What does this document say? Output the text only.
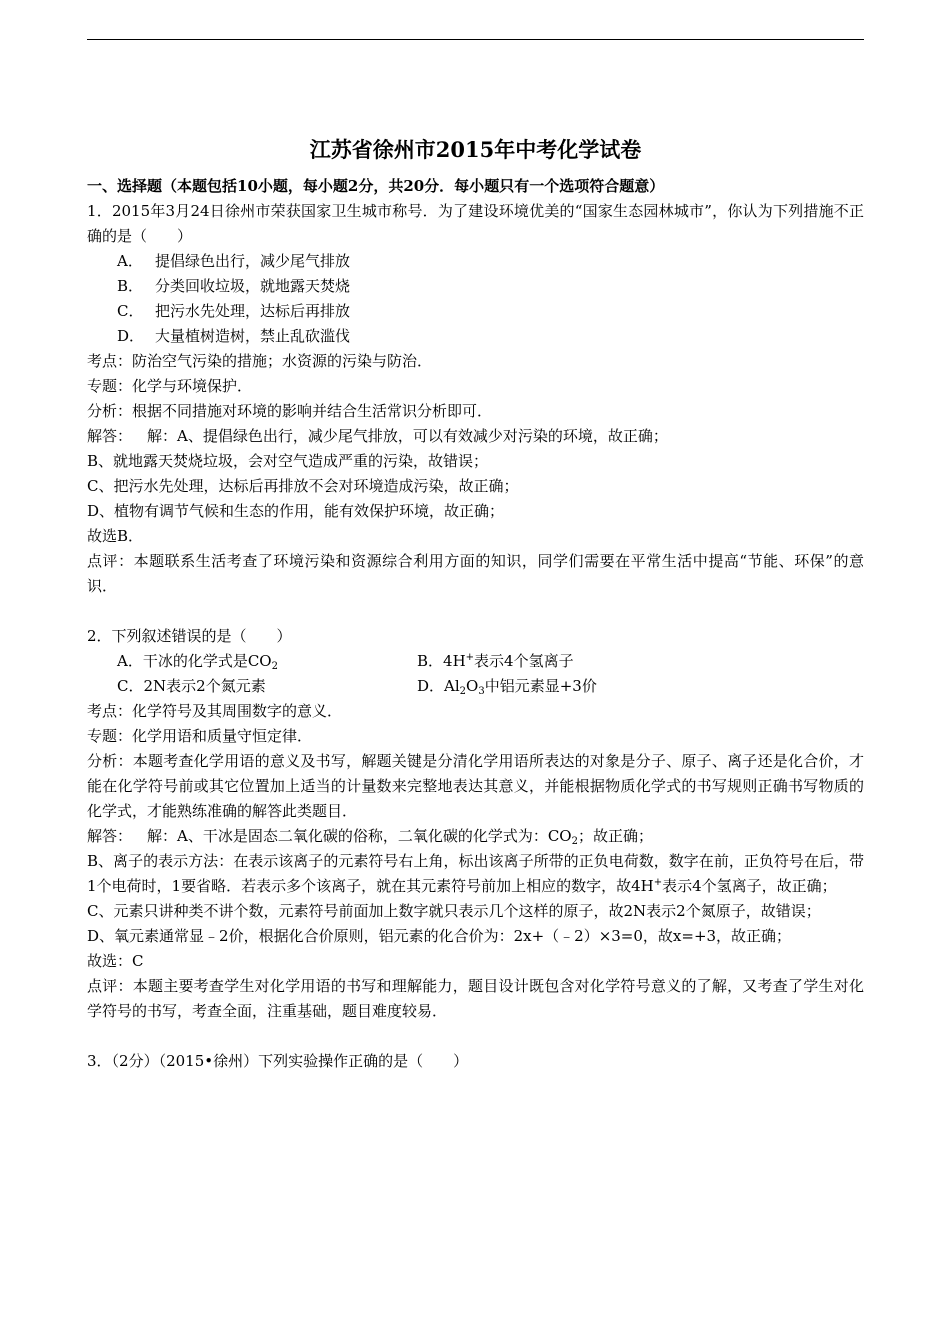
江苏省徐州市2015年中考化学试卷

一、选择题（本题包括10小题，每小题2分，共20分．每小题只有一个选项符合题意）

1．2015年3月24日徐州市荣获国家卫生城市称号．为了建设环境优美的“国家生态园林城市”，你认为下列措施不正确的是（　　）

A． 提倡绿色出行，减少尾气排放

B． 分类回收垃圾，就地露天焚烧

C． 把污水先处理，达标后再排放

D． 大量植树造树，禁止乱砍滥伐

考点：防治空气污染的措施；水资源的污染与防治．

专题：化学与环境保护．

分析：根据不同措施对环境的影响并结合生活常识分析即可．

解答： 解：A、提倡绿色出行，减少尾气排放，可以有效减少对污染的环境，故正确；

B、就地露天焚烧垃圾，会对空气造成严重的污染，故错误；

C、把污水先处理，达标后再排放不会对环境造成污染，故正确；

D、植物有调节气候和生态的作用，能有效保护环境，故正确；

故选B．

点评：本题联系生活考查了环境污染和资源综合利用方面的知识，同学们需要在平常生活中提高“节能、环保”的意识．

2．下列叙述错误的是（　　）

A．干冰的化学式是$CO_2$	B．4H+表示4个氢离子
C．2N表示2个氮元素	D．$Al_2O_3$中铝元素显+3价

考点：化学符号及其周围数字的意义．

专题：化学用语和质量守恒定律．

分析：本题考查化学用语的意义及书写，解题关键是分清化学用语所表达的对象是分子、原子、离子还是化合价，才能在化学符号前或其它位置加上适当的计量数来完整地表达其意义，并能根据物质化学式的书写规则正确书写物质的化学式，才能熟练准确的解答此类题目．

解答： 解：A、干冰是固态二氧化碳的俗称，二氧化碳的化学式为：$CO_2$；故正确；

B、离子的表示方法：在表示该离子的元素符号右上角，标出该离子所带的正负电荷数，数字在前，正负符号在后，带1个电荷时，1要省略．若表示多个该离子，就在其元素符号前加上相应的数字，故4H+表示4个氢离子，故正确；

C、元素只讲种类不讲个数，元素符号前面加上数字就只表示几个这样的原子，故2N表示2个氮原子，故错误；

D、氧元素通常显﹣2价，根据化合价原则，铝元素的化合价为：2x+（﹣2）×3=0，故x=+3，故正确；

故选：C

点评：本题主要考查学生对化学用语的书写和理解能力，题目设计既包含对化学符号意义的了解，又考查了学生对化学符号的书写，考查全面，注重基础，题目难度较易．

3．（2分）（2015•徐州）下列实验操作正确的是（　　）
